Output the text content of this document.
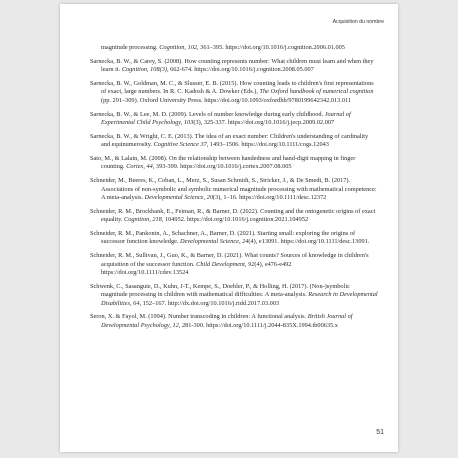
Acquisition du nombre

magnitude processing. Cognition, 102, 361–395. https://doi.org/10.1016/j.cognition.2006.01.005

Sarnecka, B. W., & Carey, S. (2008). How counting represents number: What children must learn and when they learn it. Cognition, 108(3), 662-674. https://doi.org/10.1016/j.cognition.2008.05.007

Sarnecka, B. W., Goldman, M. C., & Slusser, E. B. (2015). How counting leads to children's first representations of exact, large numbers. In R. C. Kadosh & A. Dowker (Eds.), The Oxford handbook of numerical cognition (pp. 291–309). Oxford University Press. https://doi.org/10.1093/oxfordhb/9780199642342.013.011

Sarnecka, B. W., & Lee, M. D. (2009). Levels of number knowledge during early childhood. Journal of Experimental Child Psychology, 103(3), 325-337. https://doi.org/10.1016/j.jecp.2009.02.007

Sarnecka, B. W., & Wright, C. E. (2013). The idea of an exact number: Children's understanding of cardinality and equinumerosity. Cognitive Science 37, 1493–1506. https://doi.org/10.1111/cogs.12043

Sato, M., & Lalain, M. (2008). On the relationship between handedness and hand-digit mapping in finger counting. Cortex, 44, 393-399. https://doi.org/10.1016/j.cortex.2007.08.005

Schneider, M., Beeres, K., Coban, L., Merz, S., Susan Schmidt, S., Stricker, J., & De Smedt, B. (2017). Associations of non-symbolic and symbolic numerical magnitude processing with mathematical competence: A meta-analysis. Developmental Science, 20(3), 1–16. https://doi.org/10.1111/desc.12372

Schneider, R. M., Brockbank, E., Feiman, R., & Barner, D. (2022). Counting and the ontogenetic origins of exact equality. Cognition, 218, 104952. https://doi.org/10.1016/j.cognition.2021.104952

Schneider, R. M., Pankonin, A., Schachner, A., Barner, D. (2021). Starting small: exploring the origins of successor function knowledge. Developmental Science, 24(4), e13091. https://doi.org/10.1111/desc.13091.

Schneider, R. M., Sullivan, J., Guo, K., & Barner, D. (2021). What counts? Sources of knowledge in children's acquisition of the successor function. Child Development, 92(4), e476-e492 https://doi.org/10.1111/cdev.13524

Schwenk, C., Sasanguie, D., Kuhn, J-T., Kempe, S., Doebler, P., & Holling, H. (2017). (Non-)symbolic magnitude processing in children with mathematical difficulties: A meta-analysis. Research in Developmental Disabilities, 64, 152–167. http://dx.doi.org/10.1016/j.ridd.2017.03.003

Seron, X. & Fayol, M. (1994). Number transcoding in children: A functional analysis. British Journal of Developmental Psychology, 12, 281-300. https://doi.org/10.1111/j.2044-835X.1994.tb00635.x

51
